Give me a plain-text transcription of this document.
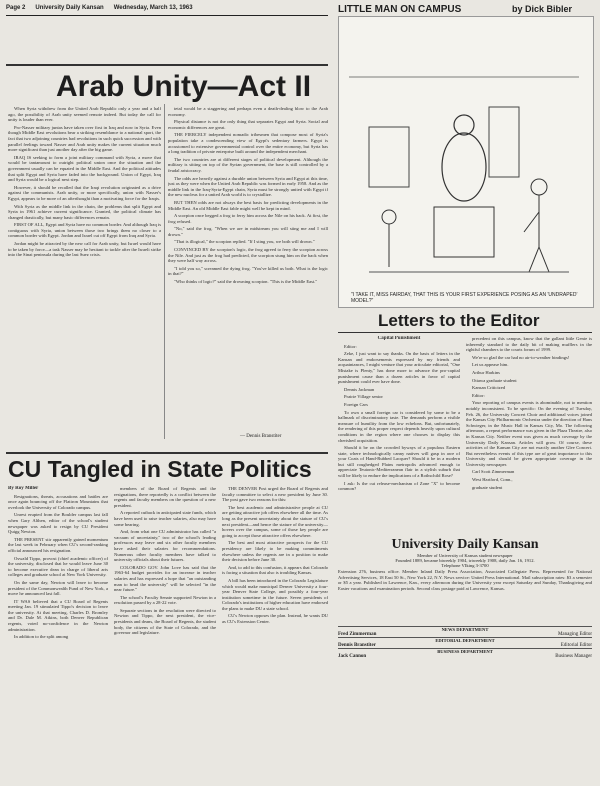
Page 2 University Daily Kansan Wednesday, March 13, 1963	LITTLE MAN ON CAMPUS	by Dick Bibler
Arab Unity—Act II

When Syria withdrew from the United Arab Republic only a year and a half ago, the possibility of Arab unity seemed remote indeed. But today the call for unity is louder than ever.

Pro-Nasser military juntas have taken over first in Iraq and now in Syria. Even though Middle East revolutions bear a striking resemblance to a national sport, the fact that two adjoining countries had revolutions in such quick succession and with parallel feelings toward Nasser and Arab unity makes the current situation much more significant than just another day after the big game.

IRAQ IS seeking to form a joint military command with Syria, a move that would be tantamount to outright political union once the situation and the government usually can be equated in the Middle East. And the political attitudes that split Egypt and Syria have faded into the background. Union of Egypt, Iraq and Syria would be a logical next step.

However, it should be recalled that the Iraqi revolution originated as a drive against the communists. Arab unity, or more specifically, union with Nasser's Egypt, appears to be more of an afterthought than a motivating force for the Iraqis.

With Syria as the middle link in the chain, the problems that split Egypt and Syria in 1961 achieve current significance. Granted, the political climate has changed drastically, but many basic differences remain.

FIRST OF ALL, Egypt and Syria have no common border. And although Iraq is contiguous with Syria, union between those two brings them no closer to a common border with Egypt. Jordan and Israel cut off Egypt from Iraq and Syria.

Jordan might be attracted by the new call for Arab unity, but Israel would have to be taken by force—a task Nasser may be hesitant to tackle after the Israeli strike into the Sinai peninsula during the last Suez crisis.

tetal would be a staggering and perhaps even a death-dealing blow to the Arab economy.

Physical distance is not the only thing that separates Egypt and Syria. Social and economic differences are great.

THE FIERCELY independent nomadic tribesmen that compose most of Syria's population take a condescending view of Egypt's sedentary farmers. Egypt is accustomed to extensive governmental control over the entire economy, but Syria has a long tradition of private enterprise built around the independent merchant.

The two countries are at different stages of political development. Although the military is sitting on top of the Syrian government, the base is still controlled by a feudal aristocracy.

The odds are heavily against a durable union between Syria and Egypt at this time, just as they were when the United Arab Republic was formed in early 1958. And as the middle link in the Iraq-Syria-Egypt chain, Syria must be strongly united with Egypt if the new nucleus for a united Arab world is to crystallize.

BUT THEN odds are not always the best basis for predicting developments in the Middle East. An old Middle East fable might well be kept in mind.

A scorpion once begged a frog to ferry him across the Nile on his back. At first, the frog refused.

"No," said the frog. "When we are in midstream you will sting me and I will drown."

"That is illogical," the scorpion replied. "If I sting you, we both will drown."

CONVINCED BY the scorpion's logic, the frog agreed to ferry the scorpion across the Nile. And just as the frog had predicted, the scorpion stung him on the back when they were half way across.

"I told you so," screamed the dying frog. "You've killed us both. What is the logic in that?"

"Who thinks of logic?" said the drowning scorpion. "This is the Middle East."

— Dennis Branstiter
"I TAKE IT, MISS FAIRDAY, THAT THIS IS YOUR FIRST EXPERIENCE POSING AS AN 'UNDRAPED' MODEL?"
Letters to the Editor
Capital Punishment

Editor:

Zeke, I just want to say thanks. On the basis of letters in the Kansan and endorsements expressed by my friends and acquaintances, I might venture that your articulate editorial, "One Mistake is Plenty," has done more to advance the pro-capital punishment cause than a dozen articles in favor of capital punishment could ever have done.

Dennis Jackman

Prairie Village senior

Foreign Cars

To own a small foreign car is considered by some to be a hallmark of discriminatory taste. The demands perform a visible measure of humility from the low echelons. But, unfortunately, the rendering of this proper respect depends heavily upon cultural conditions in the region where one chooses to display this cherished acquisition.

Should it be on the crowded byways of a populous Eastern state, where technologically canny natives will gasp in awe of your Coats of Hand-Rubbed Lacquer? Should it be in a modern but still roughedged Plains metropolis advanced enough to appreciate Teutonic-Mediterranean flair in a stylish suburb that will be likely to endure the implications of a Rothschild Rose?

I ask: Is the cut release-mechanism of Zone "X" to become common?

precedent on this campus, know that the gallant little Genie is inherently standard to the daily bit of making mufflers in the rightful chambers to the courts forum of 1999.

We're so glad the car had no air-to-weather bindings!

Let us appease him.

Arthur Harkins

Ottawa graduate student

Kansan Criticized

Editor:

Your reporting of campus events is abominable, not to mention notably inconsistent. To be specific: On the evening of Tuesday, Feb. 26, the University Concert Choir and additional voices joined the Kansas City Philharmonic Orchestra under the direction of Hans Schwieger, in the Music Hall in Kansas City, Mo. The following afternoon, a repeat performance was given in the Plaza Theatre, also in Kansas City. Neither event was given as much coverage by the University Daily Kansan. Articles will grow. Of course, these activities of the Kansan City are not exactly another Glee Concert. But nevertheless events of this type are of great importance to this University and should be given appropriate coverage in the University newspaper.

Carl Scott Zimmerman

West Hartford, Conn.,

graduate student

University Daily Kansan
Member of University of Kansas student newspaper
Founded 1889, became biweekly 1904, triweekly 1908, daily Jan. 16, 1912.
Telephone VIking 3-3700
Extension 276, business office. Member Inland Daily Press Association, Associated Collegiate Press. Represented for National Advertising Services, 18 East 50 St., New York 22, N.Y. News service: United Press International. Mail subscription rates: $3 a semester or $5 a year. Published in Lawrence, Kan., every afternoon during the University year except Saturday and Sunday, Thanksgiving and Easter vacations and examination periods. Second class postage paid at Lawrence, Kansas.
NEWS DEPARTMENT
Fred Zimmerman	Managing Editor
EDITORIAL DEPARTMENT
Dennis Branstiter	Editorial Editor
BUSINESS DEPARTMENT
Jack Cannon	Business Manager
CU Tangled in State Politics
By Roy Miller

Resignations, threats, accusations and battles are once again bouncing off the Flatiron Mountains that overlook the University of Colorado campus.

Unrest erupted from the Boulder campus last fall when Gary Althen, editor of the school's student newspaper was asked to resign by CU President Quigg Newton.

THE PRESENT stir apparently gained momentum the last week in February when CU's second-ranking official announced his resignation.

Oswald Tippo, provost (chief academic officer) of the university, disclosed that he would leave June 30 to become executive dean in charge of liberal arts colleges and graduate school at New York University.

On the same day, Newton will leave to become president of the Commonwealth Fund of New York, a move he announced last fall.

IT WAS believed that a CU Board of Regents meeting Jan. 19 stimulated Tippo's decision to leave the university. At that meeting, Charles D. Bromley and Dr. Dale M. Atkins, both Denver Republican regents, voted no-confidence in the Newton administration.

In addition to the split among

members of the Board of Regents and the resignations, there reportedly is a conflict between the regents and faculty members on the question of a new president.

A reported cutback in anticipated state funds, which have been used to raise teacher salaries, also may have some bearing.

And, from what one CU administrator has called "a vacuum of uncertainty," two of the school's leading professors may leave and six other faculty members have asked their salaries for recommendations. Numerous other faculty members have talked to university officials about their futures.

COLORADO GOV. John Love has said that the 1963-64 budget provides for an increase in teacher salaries and has expressed a hope that "an outstanding man to head the university" will be selected "in the near future."

The school's Faculty Senate supported Newton in a resolution passed by a 28-22 vote.

Separate sections in the resolution were directed to Newton and Tippo, the next president, the vice-presidents and deans, the Board of Regents, the student body, the citizens of the State of Colorado, and the governor and legislature.

THE DENVER Post urged the Board of Regents and faculty committee to select a new president by June 30. The post gave two reasons for this:

The best academic and administrative people at CU are getting attractive job offers elsewhere all the time. As long as the present uncertainty about the stature of CU's next president—and hence the stature of the university—hovers over the campus, some of those key people are going to accept those attractive offers elsewhere.

The best and most attractive prospects for the CU presidency are likely to be making commitments elsewhere unless the regents are in a position to make their decision before June 30.

And, to add to this confusion, it appears that Colorado is facing a situation that also is troubling Kansas.

A bill has been introduced in the Colorado Legislature which would make municipal Denver University a four-year Denver State College, and possibly a four-year institution sometime in the future. Seven presidents of Colorado's institutions of higher education have endorsed the plans to make DU a state school.

CU's Newton opposes the plan. Instead, he wants DU as CU's Extension Center.
